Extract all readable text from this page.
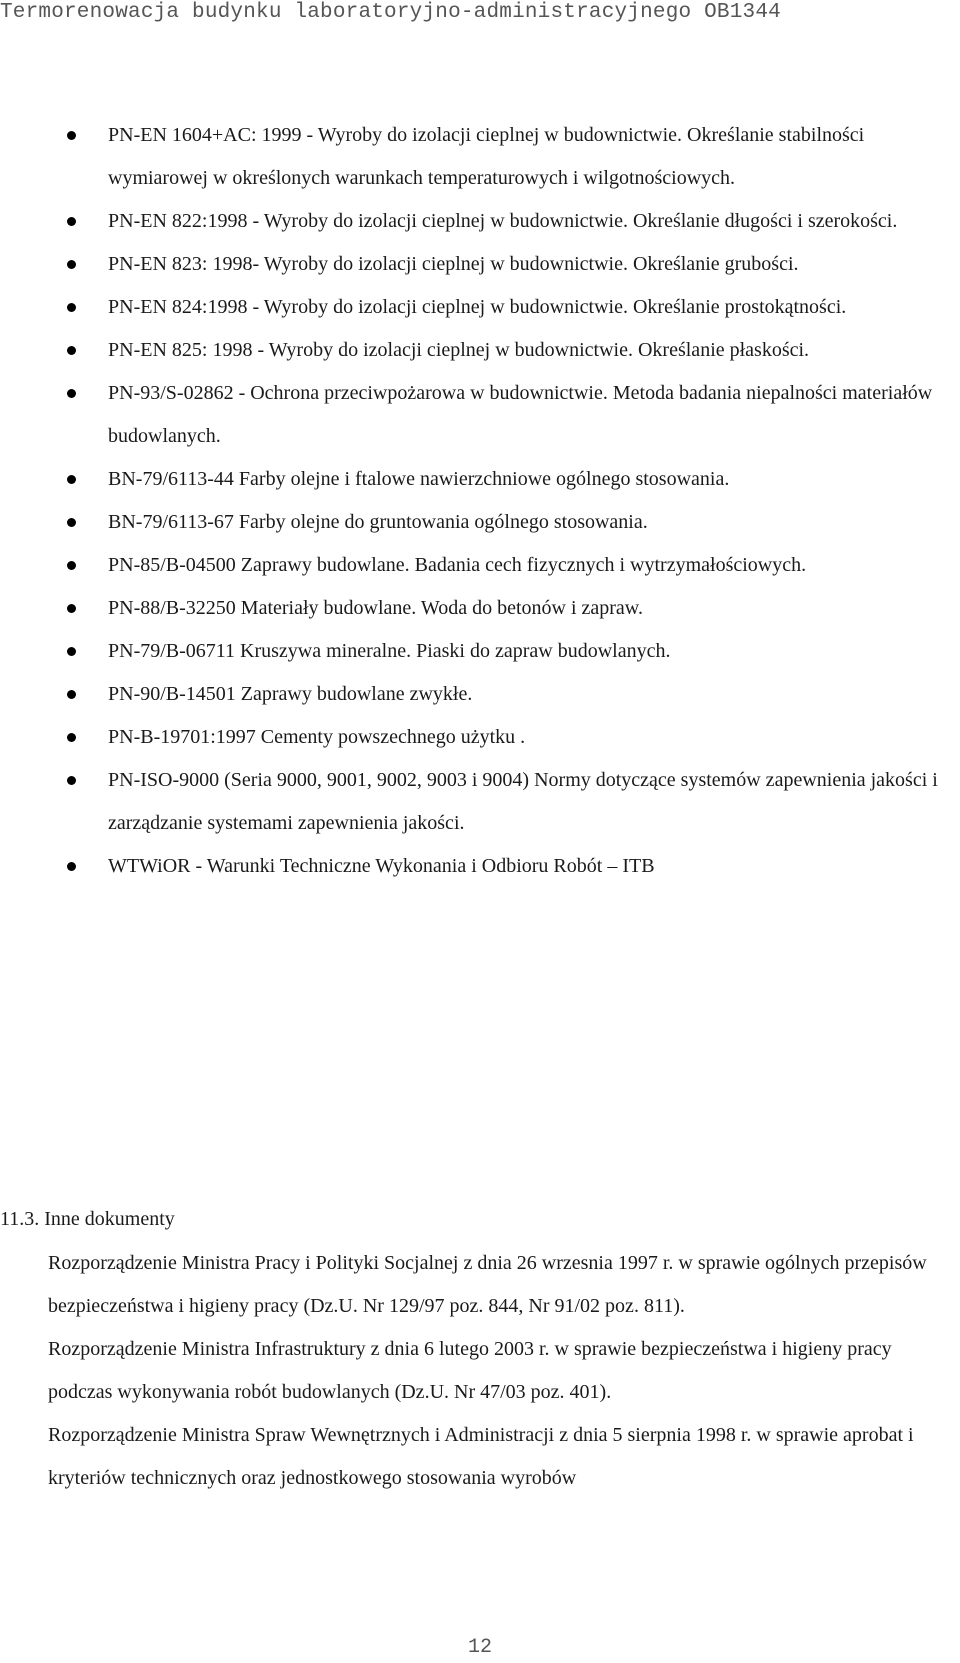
Termorenowacja budynku laboratoryjno-administracyjnego OB1344
PN-EN 1604+AC: 1999 - Wyroby do izolacji cieplnej w budownictwie. Określanie stabilności wymiarowej w określonych warunkach temperaturowych i wilgotnościowych.
PN-EN 822:1998 - Wyroby do izolacji cieplnej w budownictwie. Określanie długości i szerokości.
PN-EN 823: 1998- Wyroby do izolacji cieplnej w budownictwie. Określanie grubości.
PN-EN 824:1998 - Wyroby do izolacji cieplnej w budownictwie. Określanie prostokątności.
PN-EN 825: 1998 - Wyroby do izolacji cieplnej w budownictwie. Określanie płaskości.
PN-93/S-02862 - Ochrona przeciwpożarowa w budownictwie. Metoda badania niepalności materiałów budowlanych.
BN-79/6113-44 Farby olejne i ftalowe nawierzchniowe ogólnego stosowania.
BN-79/6113-67 Farby olejne do gruntowania ogólnego stosowania.
PN-85/B-04500 Zaprawy budowlane. Badania cech fizycznych i wytrzymałościowych.
PN-88/B-32250 Materiały budowlane. Woda do betonów i zapraw.
PN-79/B-06711 Kruszywa mineralne. Piaski do zapraw budowlanych.
PN-90/B-14501 Zaprawy budowlane zwykłe.
PN-B-19701:1997 Cementy powszechnego użytku .
PN-ISO-9000 (Seria 9000, 9001, 9002, 9003 i 9004) Normy dotyczące systemów zapewnienia jakości i zarządzanie systemami zapewnienia jakości.
WTWiOR - Warunki Techniczne Wykonania i Odbioru Robót – ITB
11.3. Inne dokumenty

Rozporządzenie Ministra Pracy i Polityki Socjalnej z dnia 26 wrzesnia 1997 r. w sprawie ogólnych przepisów bezpieczeństwa i higieny pracy (Dz.U. Nr 129/97 poz. 844, Nr 91/02 poz. 811).

Rozporządzenie Ministra Infrastruktury z dnia 6 lutego 2003 r. w sprawie bezpieczeństwa i higieny pracy podczas wykonywania robót budowlanych (Dz.U. Nr 47/03 poz. 401).

Rozporządzenie Ministra Spraw Wewnętrznych i Administracji z dnia 5 sierpnia 1998 r. w sprawie aprobat i kryteriów technicznych oraz jednostkowego stosowania wyrobów

12
